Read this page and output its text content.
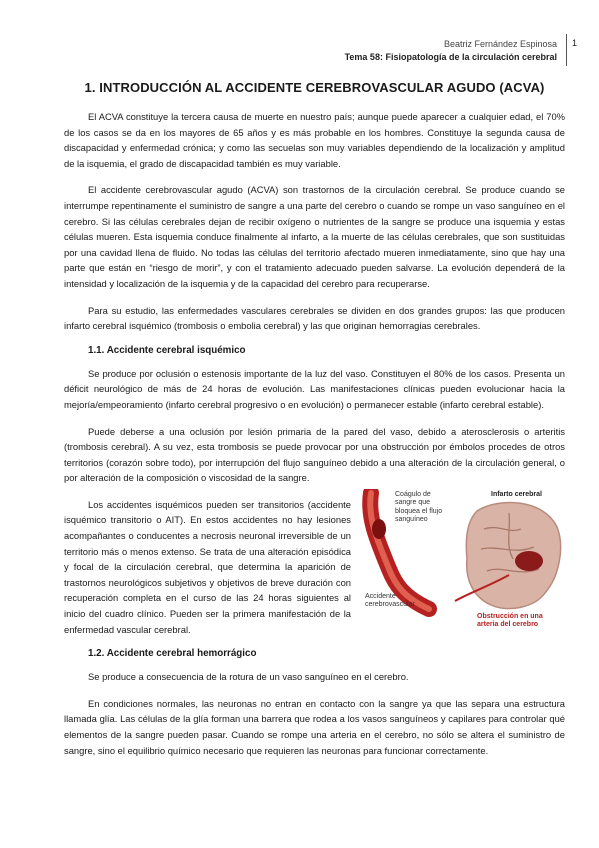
Beatriz Fernández Espinosa
Tema 58: Fisiopatología de la circulación cerebral
1
1. INTRODUCCIÓN AL ACCIDENTE CEREBROVASCULAR AGUDO (ACVA)

El ACVA constituye la tercera causa de muerte en nuestro país; aunque puede aparecer a cualquier edad, el 70% de los casos se da en los mayores de 65 años y es más probable en los hombres. Constituye la segunda causa de discapacidad y enfermedad crónica; y como las secuelas son muy variables dependiendo de la localización y amplitud de la isquemia, el grado de discapacidad también es muy variable.

El accidente cerebrovascular agudo (ACVA) son trastornos de la circulación cerebral. Se produce cuando se interrumpe repentinamente el suministro de sangre a una parte del cerebro o cuando se rompe un vaso sanguíneo en el cerebro. Si las células cerebrales dejan de recibir oxígeno o nutrientes de la sangre se produce una isquemia y estas células mueren. Esta isquemia conduce finalmente al infarto, a la muerte de las células cerebrales, que son sustituidas por una cavidad llena de fluido. No todas las células del territorio afectado mueren inmediatamente, sino que hay una parte que están en “riesgo de morir”, y con el tratamiento adecuado pueden salvarse. La evolución dependerá de la intensidad y localización de la isquemia y de la capacidad del cerebro para recuperarse.

Para su estudio, las enfermedades vasculares cerebrales se dividen en dos grandes grupos: las que producen infarto cerebral isquémico (trombosis o embolia cerebral) y las que originan hemorragias cerebrales.

1.1. Accidente cerebral isquémico

Se produce por oclusión o estenosis importante de la luz del vaso. Constituyen el 80% de los casos. Presenta un déficit neurológico de más de 24 horas de evolución. Las manifestaciones clínicas pueden evolucionar hacia la mejoría/empeoramiento (infarto cerebral progresivo o en evolución) o permanecer estable (infarto cerebral estable).

Puede deberse a una oclusión por lesión primaria de la pared del vaso, debido a aterosclerosis o arteritis (trombosis cerebral). A su vez, esta trombosis se puede provocar por una obstrucción por émbolos procedes de otros territorios (corazón sobre todo), por interrupción del flujo sanguíneo debido a una alteración de la circulación general, o por alteración de la composición o viscosidad de la sangre.

Coágulo de sangre que bloquea el flujo sanguíneo
Infarto cerebral
Accidente cerebrovascular
Obstrucción en una arteria del cerebro

Los accidentes isquémicos pueden ser transitorios (accidente isquémico transitorio o AIT). En estos accidentes no hay lesiones acompañantes o conducentes a necrosis neuronal irreversible de un territorio más o menos extenso. Se trata de una alteración episódica y focal de la circulación cerebral, que determina la aparición de trastornos neurológicos subjetivos y objetivos de breve duración con recuperación completa en el curso de las 24 horas siguientes al inicio del cuadro clínico. Pueden ser la primera manifestación de la enfermedad vascular cerebral.

1.2. Accidente cerebral hemorrágico

Se produce a consecuencia de la rotura de un vaso sanguíneo en el cerebro.

En condiciones normales, las neuronas no entran en contacto con la sangre ya que las separa una estructura llamada glía. Las células de la glía forman una barrera que rodea a los vasos sanguíneos y capilares para controlar qué elementos de la sangre pueden pasar. Cuando se rompe una arteria en el cerebro, no sólo se altera el suministro de sangre, sino el equilibrio químico necesario que requieren las neuronas para funcionar correctamente.
